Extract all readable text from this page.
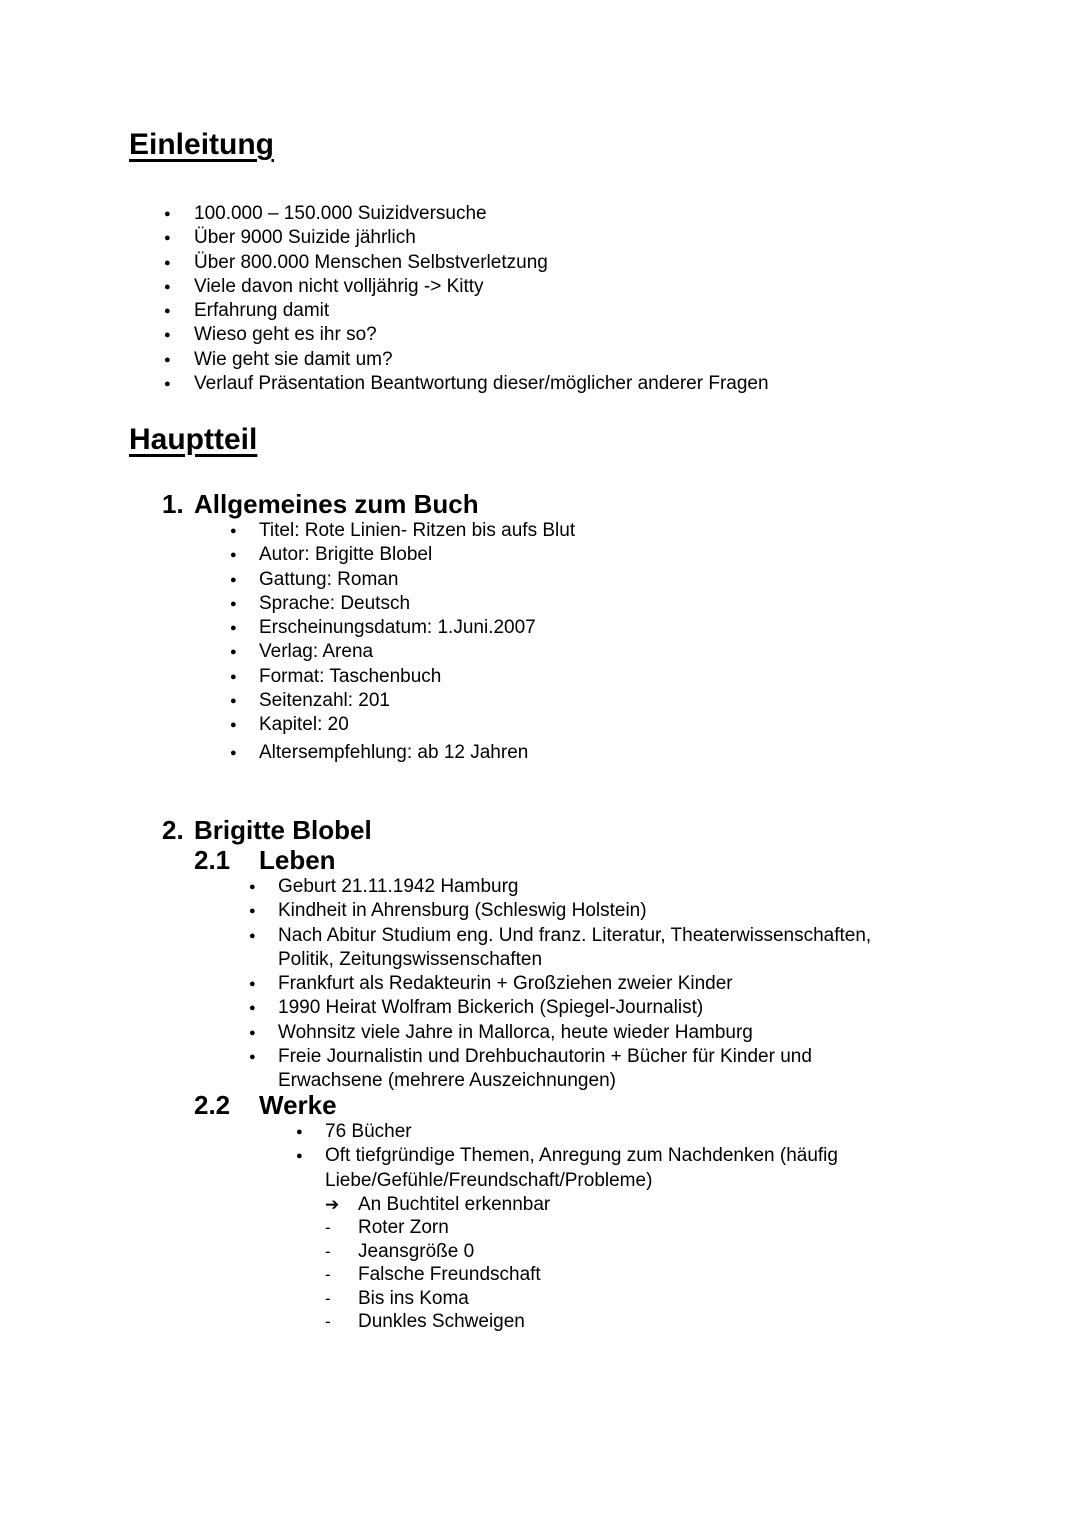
Einleitung
● 100.000 – 150.000 Suizidversuche
● Über 9000 Suizide jährlich
● Über 800.000 Menschen Selbstverletzung
● Viele davon nicht volljährig -> Kitty
● Erfahrung damit
● Wieso geht es ihr so?
● Wie geht sie damit um?
● Verlauf Präsentation Beantwortung dieser/möglicher anderer Fragen
Hauptteil
1. Allgemeines zum Buch
● Titel: Rote Linien- Ritzen bis aufs Blut
● Autor: Brigitte Blobel
● Gattung: Roman
● Sprache: Deutsch
● Erscheinungsdatum: 1.Juni.2007
● Verlag: Arena
● Format: Taschenbuch
● Seitenzahl: 201
● Kapitel: 20
● Altersempfehlung: ab 12 Jahren
2. Brigitte Blobel
2.1 Leben
● Geburt 21.11.1942 Hamburg
● Kindheit in Ahrensburg (Schleswig Holstein)
● Nach Abitur Studium eng. Und franz. Literatur, Theaterwissenschaften, Politik, Zeitungswissenschaften
● Frankfurt als Redakteurin + Großziehen zweier Kinder
● 1990 Heirat Wolfram Bickerich (Spiegel-Journalist)
● Wohnsitz viele Jahre in Mallorca, heute wieder Hamburg
● Freie Journalistin und Drehbuchautorin + Bücher für Kinder und Erwachsene (mehrere Auszeichnungen)
2.2 Werke
● 76 Bücher
● Oft tiefgründige Themen, Anregung zum Nachdenken (häufig Liebe/Gefühle/Freundschaft/Probleme)
➔ An Buchtitel erkennbar
- Roter Zorn
- Jeansgröße 0
- Falsche Freundschaft
- Bis ins Koma
- Dunkles Schweigen
